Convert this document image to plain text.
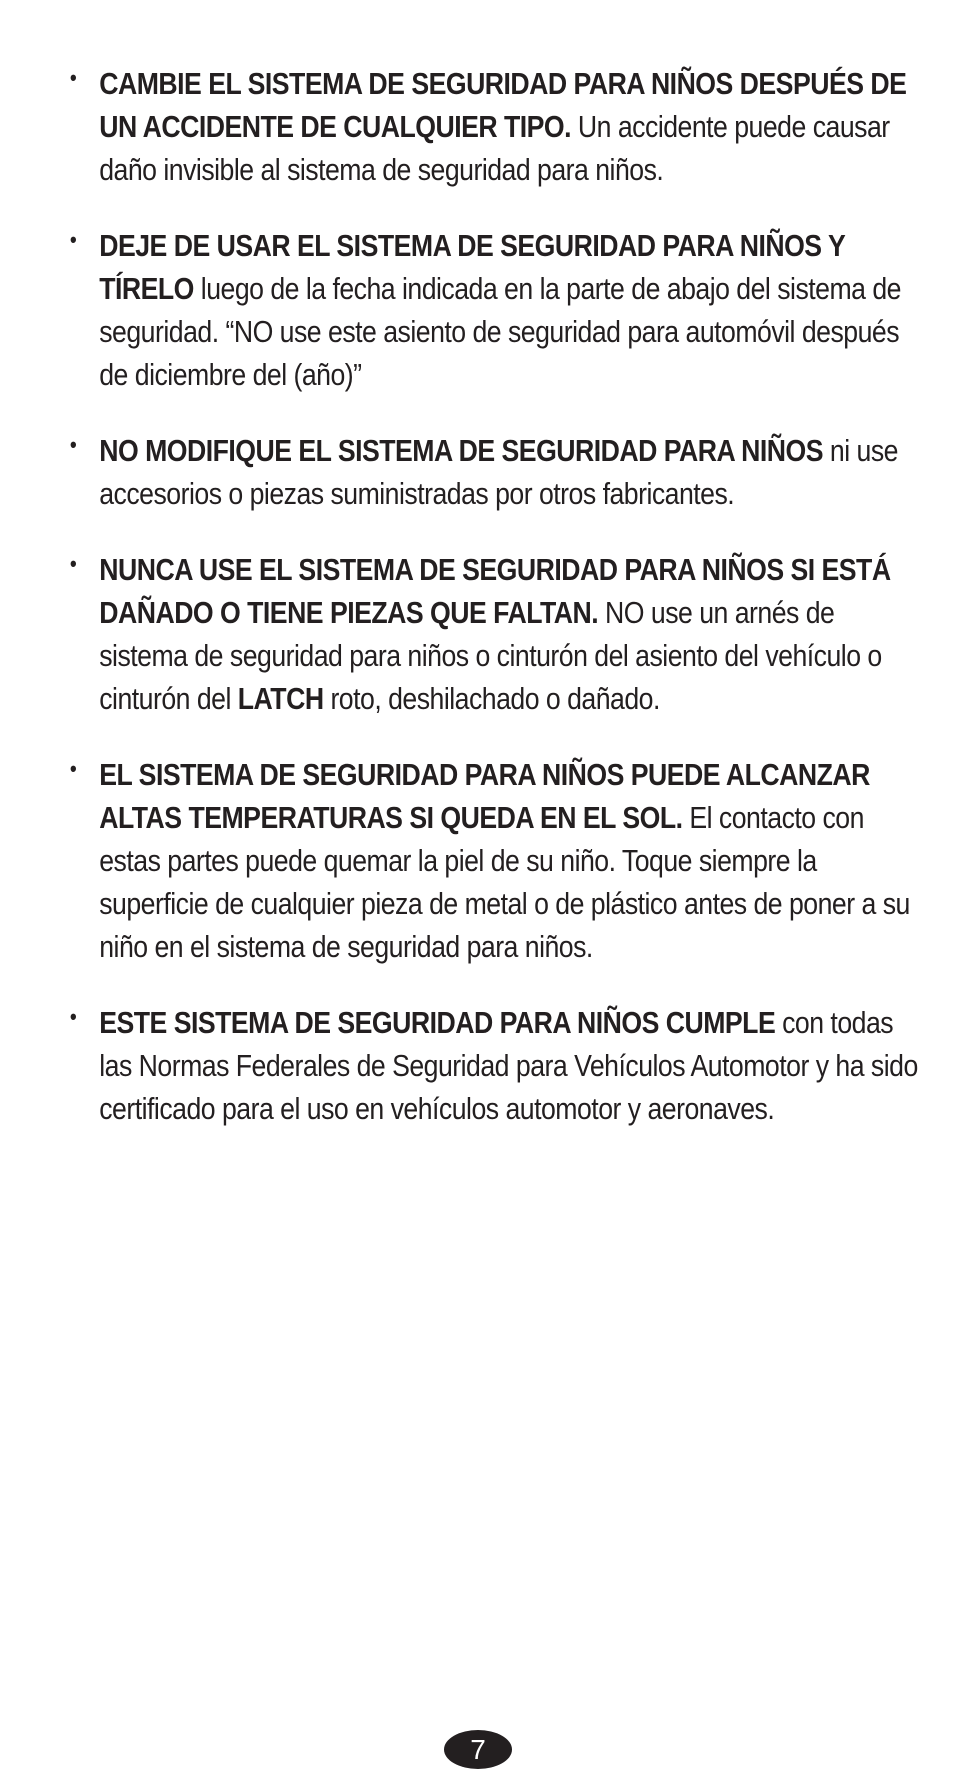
• CAMBIE EL SISTEMA DE SEGURIDAD PARA NIÑOS DESPUÉS DE UN ACCIDENTE DE CUALQUIER TIPO. Un accidente puede causar daño invisible al sistema de seguridad para niños.
• DEJE DE USAR EL SISTEMA DE SEGURIDAD PARA NIÑOS Y TÍRELO luego de la fecha indicada en la parte de abajo del sistema de seguridad. “NO use este asiento de seguridad para automóvil después de diciembre del (año)”
• NO MODIFIQUE EL SISTEMA DE SEGURIDAD PARA NIÑOS ni use accesorios o piezas suministradas por otros fabricantes.
• NUNCA USE EL SISTEMA DE SEGURIDAD PARA NIÑOS SI ESTÁ DAÑADO O TIENE PIEZAS QUE FALTAN. NO use un arnés de sistema de seguridad para niños o cinturón del asiento del vehículo o cinturón del LATCH roto, deshilachado o dañado.
• EL SISTEMA DE SEGURIDAD PARA NIÑOS PUEDE ALCANZAR ALTAS TEMPERATURAS SI QUEDA EN EL SOL. El contacto con estas partes puede quemar la piel de su niño. Toque siempre la superficie de cualquier pieza de metal o de plástico antes de poner a su niño en el sistema de seguridad para niños.
• ESTE SISTEMA DE SEGURIDAD PARA NIÑOS CUMPLE con todas las Normas Federales de Seguridad para Vehículos Automotor y ha sido certificado para el uso en vehículos automotor y aeronaves.
7
